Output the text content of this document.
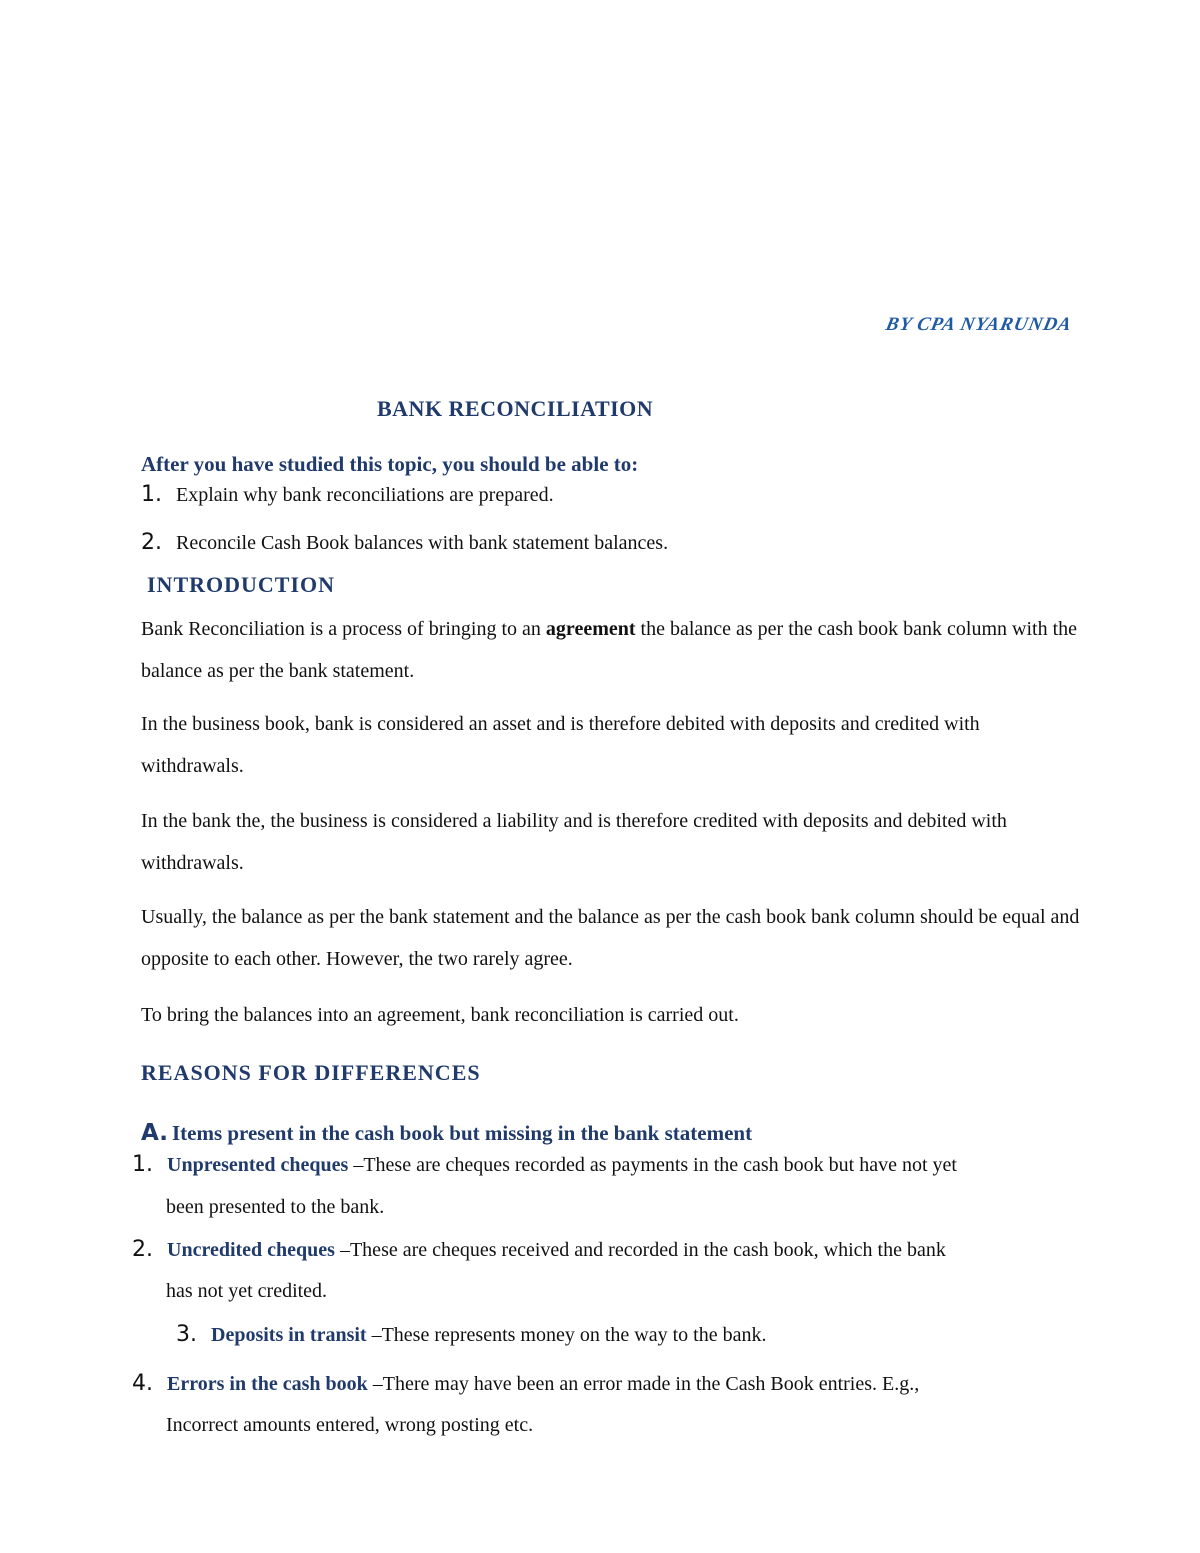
BY CPA NYARUNDA
BANK RECONCILIATION
After you have studied this topic, you should be able to:
1. Explain why bank reconciliations are prepared.
2. Reconcile Cash Book balances with bank statement balances.
INTRODUCTION
Bank Reconciliation is a process of bringing to an agreement the balance as per the cash book bank column with the balance as per the bank statement.
In the business book, bank is considered an asset and is therefore debited with deposits and credited with withdrawals.
In the bank the, the business is considered a liability and is therefore credited with deposits and debited with withdrawals.
Usually, the balance as per the bank statement and the balance as per the cash book bank column should be equal and opposite to each other. However, the two rarely agree.
To bring the balances into an agreement, bank reconciliation is carried out.
REASONS FOR DIFFERENCES
A. Items present in the cash book but missing in the bank statement
1. Unpresented cheques –These are cheques recorded as payments in the cash book but have not yet
been presented to the bank.
2. Uncredited cheques –These are cheques received and recorded in the cash book, which the bank
has not yet credited.
3. Deposits in transit –These represents money on the way to the bank.
4. Errors in the cash book –There may have been an error made in the Cash Book entries. E.g.,
Incorrect amounts entered, wrong posting etc.
